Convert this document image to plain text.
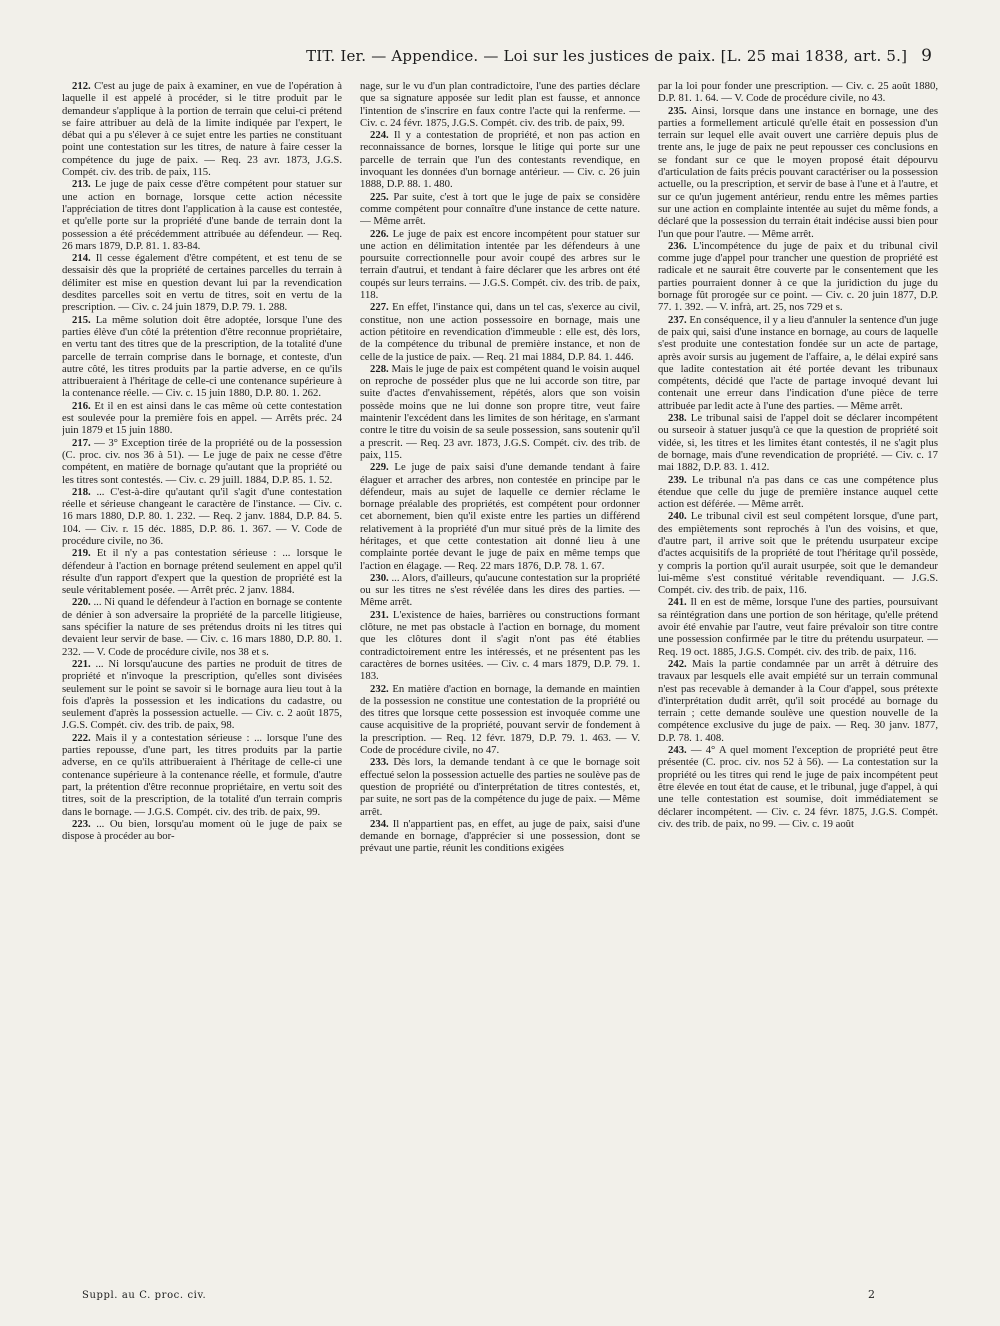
TIT. Ier. — Appendice. — Loi sur les justices de paix. [L. 25 mai 1838, art. 5.] 9

212. C'est au juge de paix à examiner, en vue de l'opération à laquelle il est appelé à procéder, si le titre produit par le demandeur s'applique à la portion de terrain que celui-ci prétend se faire attribuer au delà de la limite indiquée par l'expert, le débat qui a pu s'élever à ce sujet entre les parties ne constituant point une contestation sur les titres, de nature à faire cesser la compétence du juge de paix. — Req. 23 avr. 1873, J.G.S. Compét. civ. des trib. de paix, 115.

213. Le juge de paix cesse d'être compétent pour statuer sur une action en bornage, lorsque cette action nécessite l'appréciation de titres dont l'application à la cause est contestée, et qu'elle porte sur la propriété d'une bande de terrain dont la possession a été précédemment attribuée au défendeur. — Req. 26 mars 1879, D.P. 81. 1. 83-84.

214. Il cesse également d'être compétent, et est tenu de se dessaisir dès que la propriété de certaines parcelles du terrain à délimiter est mise en question devant lui par la revendication desdites parcelles soit en vertu de titres, soit en vertu de la prescription. — Civ. c. 24 juin 1879, D.P. 79. 1. 288.

215. La même solution doit être adoptée, lorsque l'une des parties élève d'un côté la prétention d'être reconnue propriétaire, en vertu tant des titres que de la prescription, de la totalité d'une parcelle de terrain comprise dans le bornage, et conteste, d'un autre côté, les titres produits par la partie adverse, en ce qu'ils attribueraient à l'héritage de celle-ci une contenance supérieure à la contenance réelle. — Civ. c. 15 juin 1880, D.P. 80. 1. 262.

216. Et il en est ainsi dans le cas même où cette contestation est soulevée pour la première fois en appel. — Arrêts préc. 24 juin 1879 et 15 juin 1880.

217. — 3° Exception tirée de la propriété ou de la possession (C. proc. civ. nos 36 à 51). — Le juge de paix ne cesse d'être compétent, en matière de bornage qu'autant que la propriété ou les titres sont contestés. — Civ. c. 29 juill. 1884, D.P. 85. 1. 52.

218. ... C'est-à-dire qu'autant qu'il s'agit d'une contestation réelle et sérieuse changeant le caractère de l'instance. — Civ. c. 16 mars 1880, D.P. 80. 1. 232. — Req. 2 janv. 1884, D.P. 84. 5. 104. — Civ. r. 15 déc. 1885, D.P. 86. 1. 367. — V. Code de procédure civile, no 36.

219. Et il n'y a pas contestation sérieuse : ... lorsque le défendeur à l'action en bornage prétend seulement en appel qu'il résulte d'un rapport d'expert que la question de propriété est la seule véritablement posée. — Arrêt préc. 2 janv. 1884.

220. ... Ni quand le défendeur à l'action en bornage se contente de dénier à son adversaire la propriété de la parcelle litigieuse, sans spécifier la nature de ses prétendus droits ni les titres qui devaient leur servir de base. — Civ. c. 16 mars 1880, D.P. 80. 1. 232. — V. Code de procédure civile, nos 38 et s.

221. ... Ni lorsqu'aucune des parties ne produit de titres de propriété et n'invoque la prescription, qu'elles sont divisées seulement sur le point se savoir si le bornage aura lieu tout à la fois d'après la possession et les indications du cadastre, ou seulement d'après la possession actuelle. — Civ. c. 2 août 1875, J.G.S. Compét. civ. des trib. de paix, 98.

222. Mais il y a contestation sérieuse : ... lorsque l'une des parties repousse, d'une part, les titres produits par la partie adverse, en ce qu'ils attribueraient à l'héritage de celle-ci une contenance supérieure à la contenance réelle, et formule, d'autre part, la prétention d'être reconnue propriétaire, en vertu soit des titres, soit de la prescription, de la totalité d'un terrain compris dans le bornage. — J.G.S. Compét. civ. des trib. de paix, 99.

223. ... Ou bien, lorsqu'au moment où le juge de paix se dispose à procéder au bor-

nage, sur le vu d'un plan contradictoire, l'une des parties déclare que sa signature apposée sur ledit plan est fausse, et annonce l'intention de s'inscrire en faux contre l'acte qui la renferme. — Civ. c. 24 févr. 1875, J.G.S. Compét. civ. des trib. de paix, 99.

224. Il y a contestation de propriété, et non pas action en reconnaissance de bornes, lorsque le litige qui porte sur une parcelle de terrain que l'un des contestants revendique, en invoquant les données d'un bornage antérieur. — Civ. c. 26 juin 1888, D.P. 88. 1. 480.

225. Par suite, c'est à tort que le juge de paix se considère comme compétent pour connaître d'une instance de cette nature. — Même arrêt.

226. Le juge de paix est encore incompétent pour statuer sur une action en délimitation intentée par les défendeurs à une poursuite correctionnelle pour avoir coupé des arbres sur le terrain d'autrui, et tendant à faire déclarer que les arbres ont été coupés sur leurs terrains. — J.G.S. Compét. civ. des trib. de paix, 118.

227. En effet, l'instance qui, dans un tel cas, s'exerce au civil, constitue, non une action possessoire en bornage, mais une action pétitoire en revendication d'immeuble : elle est, dès lors, de la compétence du tribunal de première instance, et non de celle de la justice de paix. — Req. 21 mai 1884, D.P. 84. 1. 446.

228. Mais le juge de paix est compétent quand le voisin auquel on reproche de posséder plus que ne lui accorde son titre, par suite d'actes d'envahissement, répétés, alors que son voisin possède moins que ne lui donne son propre titre, veut faire maintenir l'excédent dans les limites de son héritage, en s'armant contre le titre du voisin de sa seule possession, sans soutenir qu'il a prescrit. — Req. 23 avr. 1873, J.G.S. Compét. civ. des trib. de paix, 115.

229. Le juge de paix saisi d'une demande tendant à faire élaguer et arracher des arbres, non contestée en principe par le défendeur, mais au sujet de laquelle ce dernier réclame le bornage préalable des propriétés, est compétent pour ordonner cet abornement, bien qu'il existe entre les parties un différend relativement à la propriété d'un mur situé près de la limite des héritages, et que cette contestation ait donné lieu à une complainte portée devant le juge de paix en même temps que l'action en élagage. — Req. 22 mars 1876, D.P. 78. 1. 67.

230. ... Alors, d'ailleurs, qu'aucune contestation sur la propriété ou sur les titres ne s'est révélée dans les dires des parties. — Même arrêt.

231. L'existence de haies, barrières ou constructions formant clôture, ne met pas obstacle à l'action en bornage, du moment que les clôtures dont il s'agit n'ont pas été établies contradictoirement entre les intéressés, et ne présentent pas les caractères de bornes usitées. — Civ. c. 4 mars 1879, D.P. 79. 1. 183.

232. En matière d'action en bornage, la demande en maintien de la possession ne constitue une contestation de la propriété ou des titres que lorsque cette possession est invoquée comme une cause acquisitive de la propriété, pouvant servir de fondement à la prescription. — Req. 12 févr. 1879, D.P. 79. 1. 463. — V. Code de procédure civile, no 47.

233. Dès lors, la demande tendant à ce que le bornage soit effectué selon la possession actuelle des parties ne soulève pas de question de propriété ou d'interprétation de titres contestés, et, par suite, ne sort pas de la compétence du juge de paix. — Même arrêt.

234. Il n'appartient pas, en effet, au juge de paix, saisi d'une demande en bornage, d'apprécier si une possession, dont se prévaut une partie, réunit les conditions exigées

par la loi pour fonder une prescription. — Civ. c. 25 août 1880, D.P. 81. 1. 64. — V. Code de procédure civile, no 43.

235. Ainsi, lorsque dans une instance en bornage, une des parties a formellement articulé qu'elle était en possession d'un terrain sur lequel elle avait ouvert une carrière depuis plus de trente ans, le juge de paix ne peut repousser ces conclusions en se fondant sur ce que le moyen proposé était dépourvu d'articulation de faits précis pouvant caractériser ou la possession actuelle, ou la prescription, et servir de base à l'une et à l'autre, et sur ce qu'un jugement antérieur, rendu entre les mêmes parties sur une action en complainte intentée au sujet du même fonds, a déclaré que la possession du terrain était indécise aussi bien pour l'un que pour l'autre. — Même arrêt.

236. L'incompétence du juge de paix et du tribunal civil comme juge d'appel pour trancher une question de propriété est radicale et ne saurait être couverte par le consentement que les parties pourraient donner à ce que la juridiction du juge du bornage fût prorogée sur ce point. — Civ. c. 20 juin 1877, D.P. 77. 1. 392. — V. infrà, art. 25, nos 729 et s.

237. En conséquence, il y a lieu d'annuler la sentence d'un juge de paix qui, saisi d'une instance en bornage, au cours de laquelle s'est produite une contestation fondée sur un acte de partage, après avoir sursis au jugement de l'affaire, a, le délai expiré sans que ladite contestation ait été portée devant les tribunaux compétents, décidé que l'acte de partage invoqué devant lui contenait une erreur dans l'indication d'une pièce de terre attribuée par ledit acte à l'une des parties. — Même arrêt.

238. Le tribunal saisi de l'appel doit se déclarer incompétent ou surseoir à statuer jusqu'à ce que la question de propriété soit vidée, si, les titres et les limites étant contestés, il ne s'agit plus de bornage, mais d'une revendication de propriété. — Civ. c. 17 mai 1882, D.P. 83. 1. 412.

239. Le tribunal n'a pas dans ce cas une compétence plus étendue que celle du juge de première instance auquel cette action est déférée. — Même arrêt.

240. Le tribunal civil est seul compétent lorsque, d'une part, des empiètements sont reprochés à l'un des voisins, et que, d'autre part, il arrive soit que le prétendu usurpateur excipe d'actes acquisitifs de la propriété de tout l'héritage qu'il possède, y compris la portion qu'il aurait usurpée, soit que le demandeur lui-même s'est constitué véritable revendiquant. — J.G.S. Compét. civ. des trib. de paix, 116.

241. Il en est de même, lorsque l'une des parties, poursuivant sa réintégration dans une portion de son héritage, qu'elle prétend avoir été envahie par l'autre, veut faire prévaloir son titre contre une possession confirmée par le titre du prétendu usurpateur. — Req. 19 oct. 1885, J.G.S. Compét. civ. des trib. de paix, 116.

242. Mais la partie condamnée par un arrêt à détruire des travaux par lesquels elle avait empiété sur un terrain communal n'est pas recevable à demander à la Cour d'appel, sous prétexte d'interprétation dudit arrêt, qu'il soit procédé au bornage du terrain ; cette demande soulève une question nouvelle de la compétence exclusive du juge de paix. — Req. 30 janv. 1877, D.P. 78. 1. 408.

243. — 4° A quel moment l'exception de propriété peut être présentée (C. proc. civ. nos 52 à 56). — La contestation sur la propriété ou les titres qui rend le juge de paix incompétent peut être élevée en tout état de cause, et le tribunal, juge d'appel, à qui une telle contestation est soumise, doit immédiatement se déclarer incompétent. — Civ. c. 24 févr. 1875, J.G.S. Compét. civ. des trib. de paix, no 99. — Civ. c. 19 août

Suppl. au C. proc. civ.	2
